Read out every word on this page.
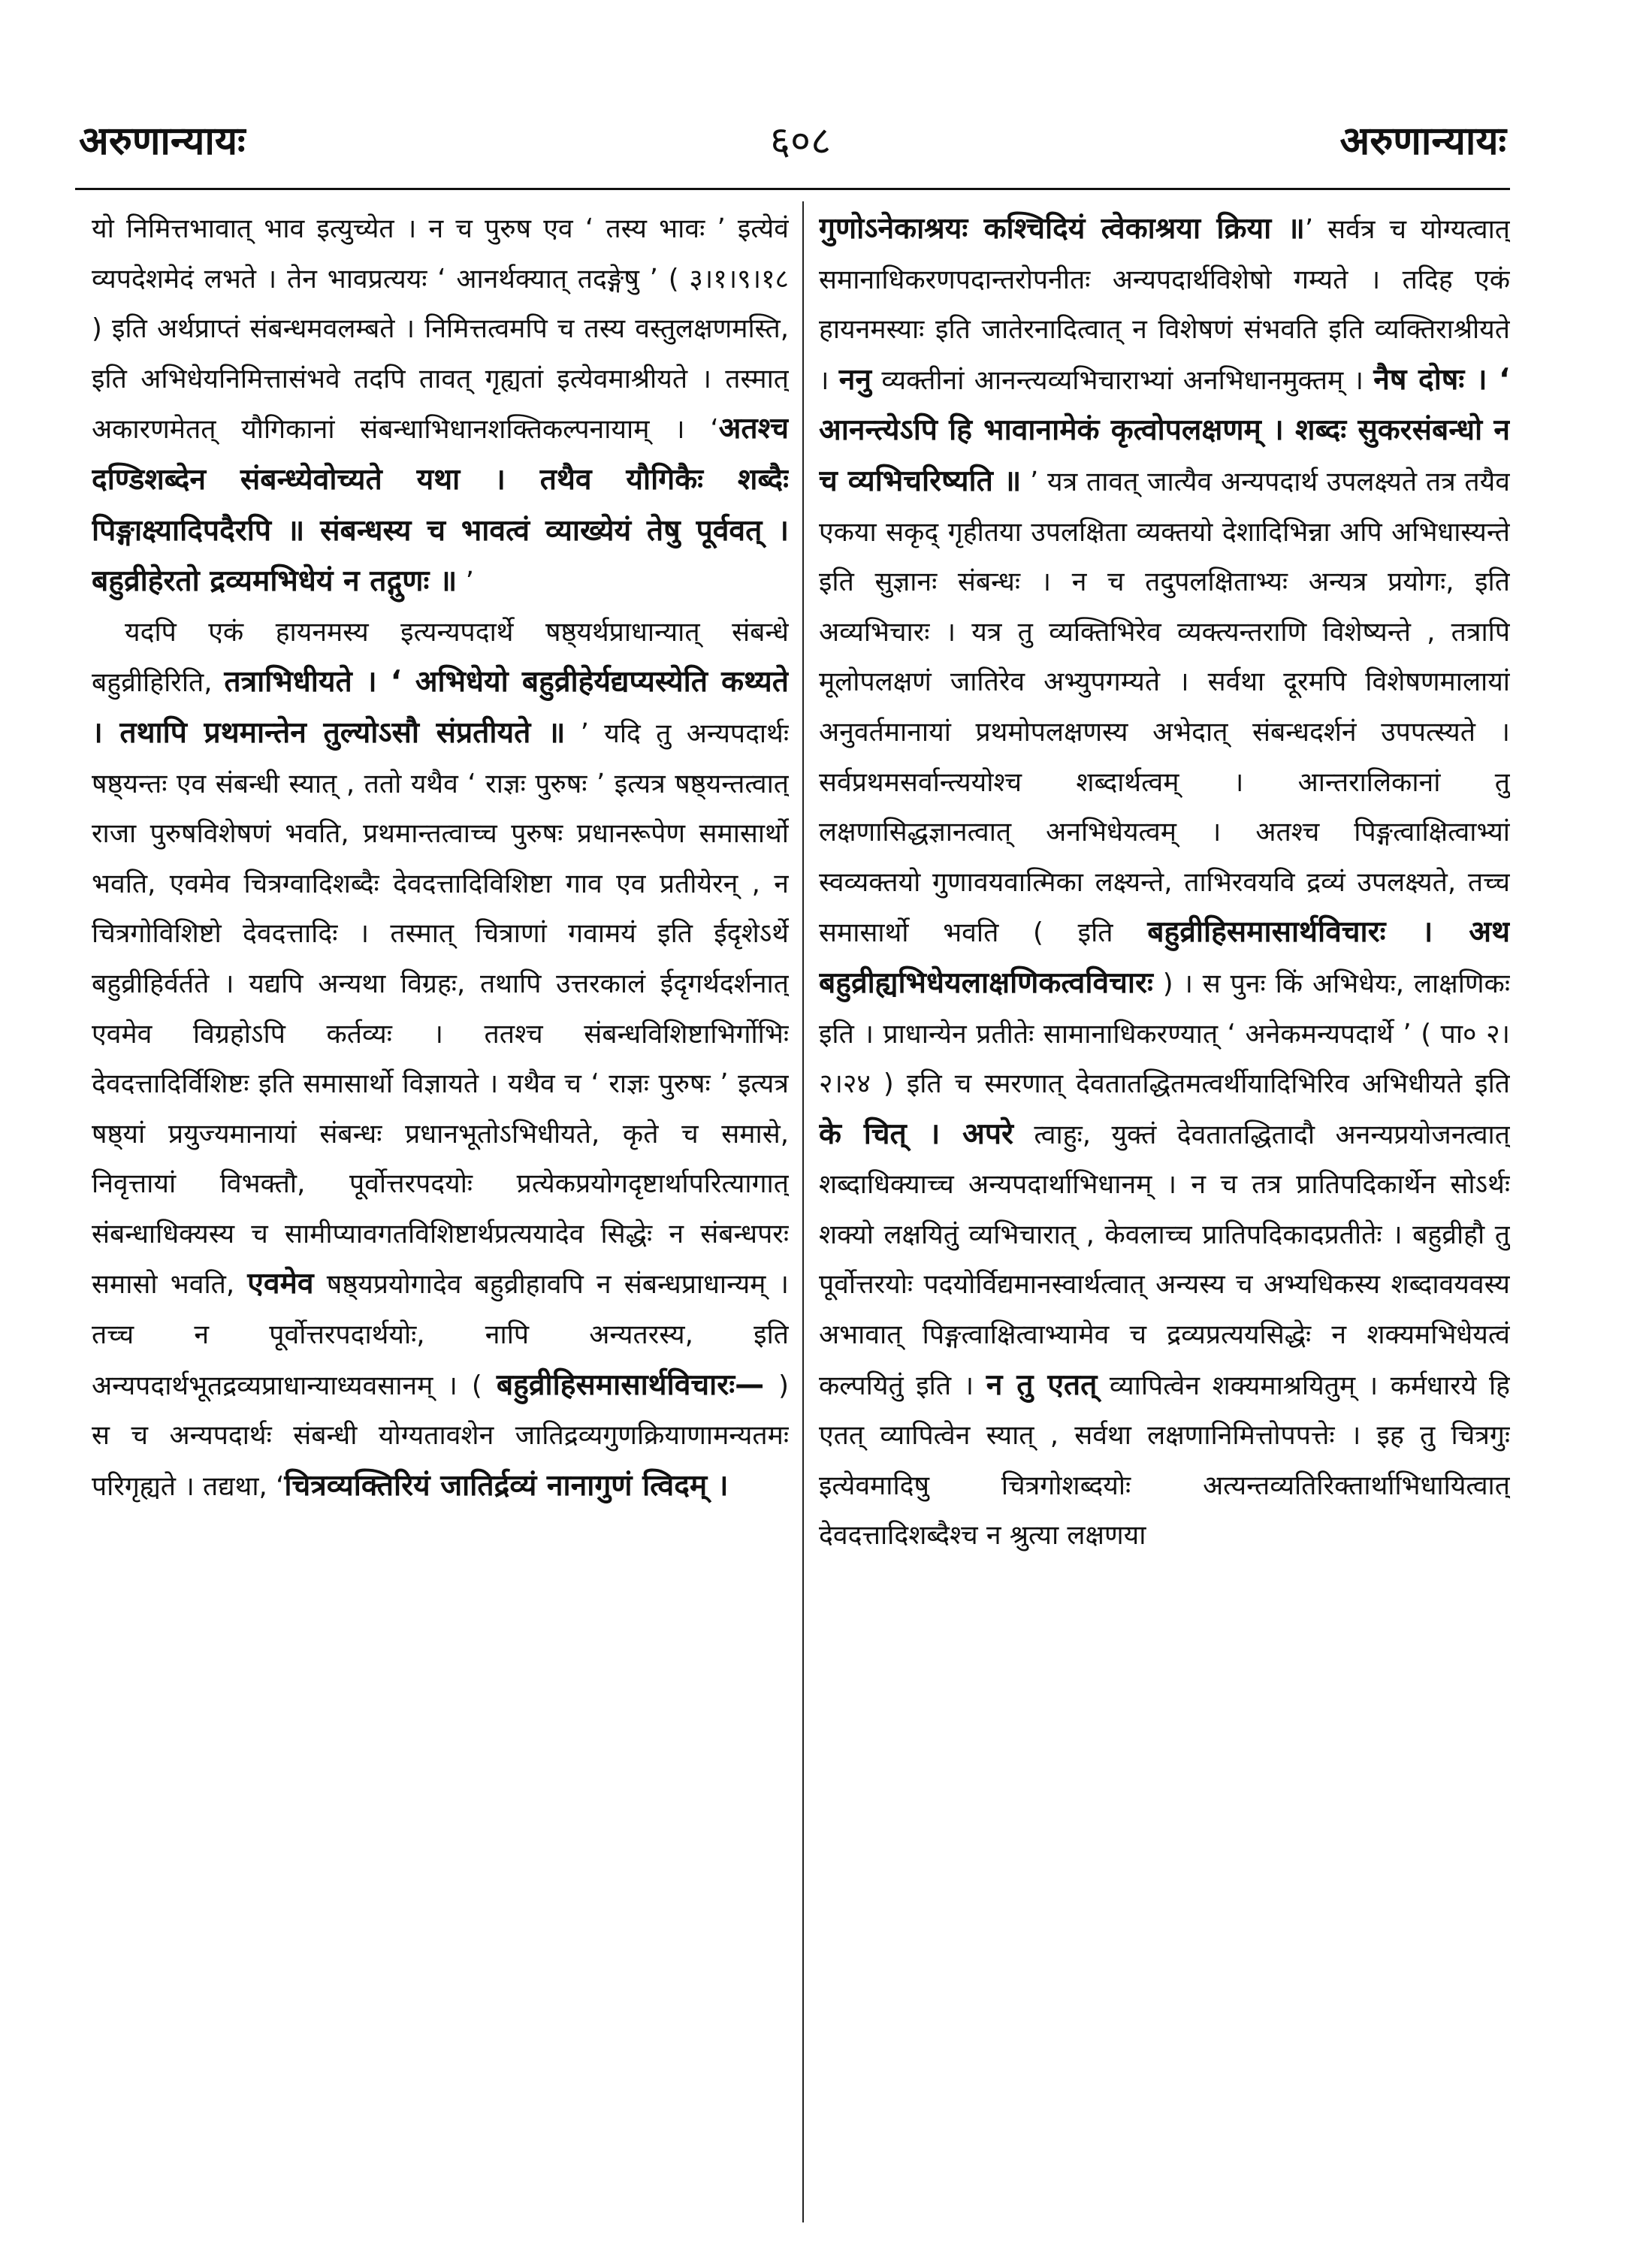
अरुणान्यायः	६०८	अरुणान्यायः

यो निमित्तभावात् भाव इत्युच्येत । न च पुरुष एव ‘ तस्य भावः ’ इत्येवं व्यपदेशमेदं लभते । तेन भावप्रत्ययः ‘ आनर्थक्यात् तदङ्गेषु ’ ( ३।१।९।१८ ) इति अर्थप्राप्तं संबन्धमवलम्बते । निमित्तत्वमपि च तस्य वस्तुलक्षणमस्ति, इति अभिधेयनिमित्तासंभवे तदपि तावत् गृह्यतां इत्येवमाश्रीयते । तस्मात् अकारणमेतत् यौगिकानां संबन्धाभिधानशक्तिकल्पनायाम् । ‘अतश्च दण्डिशब्देन संबन्ध्येवोच्यते यथा । तथैव यौगिकैः शब्दैः पिङ्गाक्ष्यादिपदैरपि ॥ संबन्धस्य च भावत्वं व्याख्येयं तेषु पूर्ववत् । बहुव्रीहेरतो द्रव्यमभिधेयं न तद्गुणः ॥ ’

यदपि एकं हायनमस्य इत्यन्यपदार्थे षष्ठ्यर्थप्राधान्यात् संबन्धे बहुव्रीहिरिति, तत्राभिधीयते । ‘ अभिधेयो बहुव्रीहेर्यद्यप्यस्येति कथ्यते । तथापि प्रथमान्तेन तुल्योऽसौ संप्रतीयते ॥ ’ यदि तु अन्यपदार्थः षष्ठ्यन्तः एव संबन्धी स्यात् , ततो यथैव ‘ राज्ञः पुरुषः ’ इत्यत्र षष्ठ्यन्तत्वात् राजा पुरुषविशेषणं भवति, प्रथमान्तत्वाच्च पुरुषः प्रधानरूपेण समासार्थो भवति, एवमेव चित्रग्वादिशब्दैः देवदत्तादिविशिष्टा गाव एव प्रतीयेरन् , न चित्रगोविशिष्टो देवदत्तादिः । तस्मात् चित्राणां गवामयं इति ईदृशेऽर्थे बहुव्रीहिर्वर्तते । यद्यपि अन्यथा विग्रहः, तथापि उत्तरकालं ईदृगर्थदर्शनात् एवमेव विग्रहोऽपि कर्तव्यः । ततश्च संबन्धविशिष्टाभिर्गोभिः देवदत्तादिर्विशिष्टः इति समासार्थो विज्ञायते । यथैव च ‘ राज्ञः पुरुषः ’ इत्यत्र षष्ठ्यां प्रयुज्यमानायां संबन्धः प्रधानभूतोऽभिधीयते, कृते च समासे, निवृत्तायां विभक्तौ, पूर्वोत्तरपदयोः प्रत्येकप्रयोगदृष्टार्थापरित्यागात् संबन्धाधिक्यस्य च सामीप्यावगतविशिष्टार्थप्रत्ययादेव सिद्धेः न संबन्धपरः समासो भवति, एवमेव षष्ठ्यप्रयोगादेव बहुव्रीहावपि न संबन्धप्राधान्यम् । तच्च न पूर्वोत्तरपदार्थयोः, नापि अन्यतरस्य, इति अन्यपदार्थभूतद्रव्यप्राधान्याध्यवसानम् । ( बहुव्रीहिसमासार्थविचारः— ) स च अन्यपदार्थः संबन्धी योग्यतावशेन जातिद्रव्यगुणक्रियाणामन्यतमः परिगृह्यते । तद्यथा, ‘चित्रव्यक्तिरियं जातिर्द्रव्यं नानागुणं त्विदम् ।

गुणोऽनेकाश्रयः कश्चिदियं त्वेकाश्रया क्रिया ॥’ सर्वत्र च योग्यत्वात् समानाधिकरणपदान्तरोपनीतः अन्यपदार्थविशेषो गम्यते । तदिह एकं हायनमस्याः इति जातेरनादित्वात् न विशेषणं संभवति इति व्यक्तिराश्रीयते । ननु व्यक्तीनां आनन्त्यव्यभिचाराभ्यां अनभिधानमुक्तम् । नैष दोषः । ‘ आनन्त्येऽपि हि भावानामेकं कृत्वोपलक्षणम् । शब्दः सुकरसंबन्धो न च व्यभिचरिष्यति ॥ ’ यत्र तावत् जात्यैव अन्यपदार्थ उपलक्ष्यते तत्र तयैव एकया सकृद् गृहीतया उपलक्षिता व्यक्तयो देशादिभिन्ना अपि अभिधास्यन्ते इति सुज्ञानः संबन्धः । न च तदुपलक्षिताभ्यः अन्यत्र प्रयोगः, इति अव्यभिचारः । यत्र तु व्यक्तिभिरेव व्यक्त्यन्तराणि विशेष्यन्ते , तत्रापि मूलोपलक्षणं जातिरेव अभ्युपगम्यते । सर्वथा दूरमपि विशेषणमालायां अनुवर्तमानायां प्रथमोपलक्षणस्य अभेदात् संबन्धदर्शनं उपपत्स्यते । सर्वप्रथमसर्वान्त्ययोश्च शब्दार्थत्वम् । आन्तरालिकानां तु लक्षणासिद्धज्ञानत्वात् अनभिधेयत्वम् । अतश्च पिङ्गत्वाक्षित्वाभ्यां स्वव्यक्तयो गुणावयवात्मिका लक्ष्यन्ते, ताभिरवयवि द्रव्यं उपलक्ष्यते, तच्च समासार्थो भवति ( इति बहुव्रीहिसमासार्थविचारः । अथ बहुव्रीह्यभिधेयलाक्षणिकत्वविचारः ) । स पुनः किं अभिधेयः, लाक्षणिकः इति । प्राधान्येन प्रतीतेः सामानाधिकरण्यात् ‘ अनेकमन्यपदार्थे ’ ( पा० २।२।२४ ) इति च स्मरणात् देवतातद्धितमत्वर्थीयादिभिरिव अभिधीयते इति के चित् । अपरे त्वाहुः, युक्तं देवतातद्धितादौ अनन्यप्रयोजनत्वात् शब्दाधिक्याच्च अन्यपदार्थाभिधानम् । न च तत्र प्रातिपदिकार्थेन सोऽर्थः शक्यो लक्षयितुं व्यभिचारात् , केवलाच्च प्रातिपदिकादप्रतीतेः । बहुव्रीहौ तु पूर्वोत्तरयोः पदयोर्विद्यमानस्वार्थत्वात् अन्यस्य च अभ्यधिकस्य शब्दावयवस्य अभावात् पिङ्गत्वाक्षित्वाभ्यामेव च द्रव्यप्रत्ययसिद्धेः न शक्यमभिधेयत्वं कल्पयितुं इति । न तु एतत् व्यापित्वेन शक्यमाश्रयितुम् । कर्मधारये हि एतत् व्यापित्वेन स्यात् , सर्वथा लक्षणानिमित्तोपपत्तेः । इह तु चित्रगुः इत्येवमादिषु चित्रगोशब्दयोः अत्यन्तव्यतिरिक्तार्थाभिधायित्वात् देवदत्तादिशब्दैश्च न श्रुत्या लक्षणया
